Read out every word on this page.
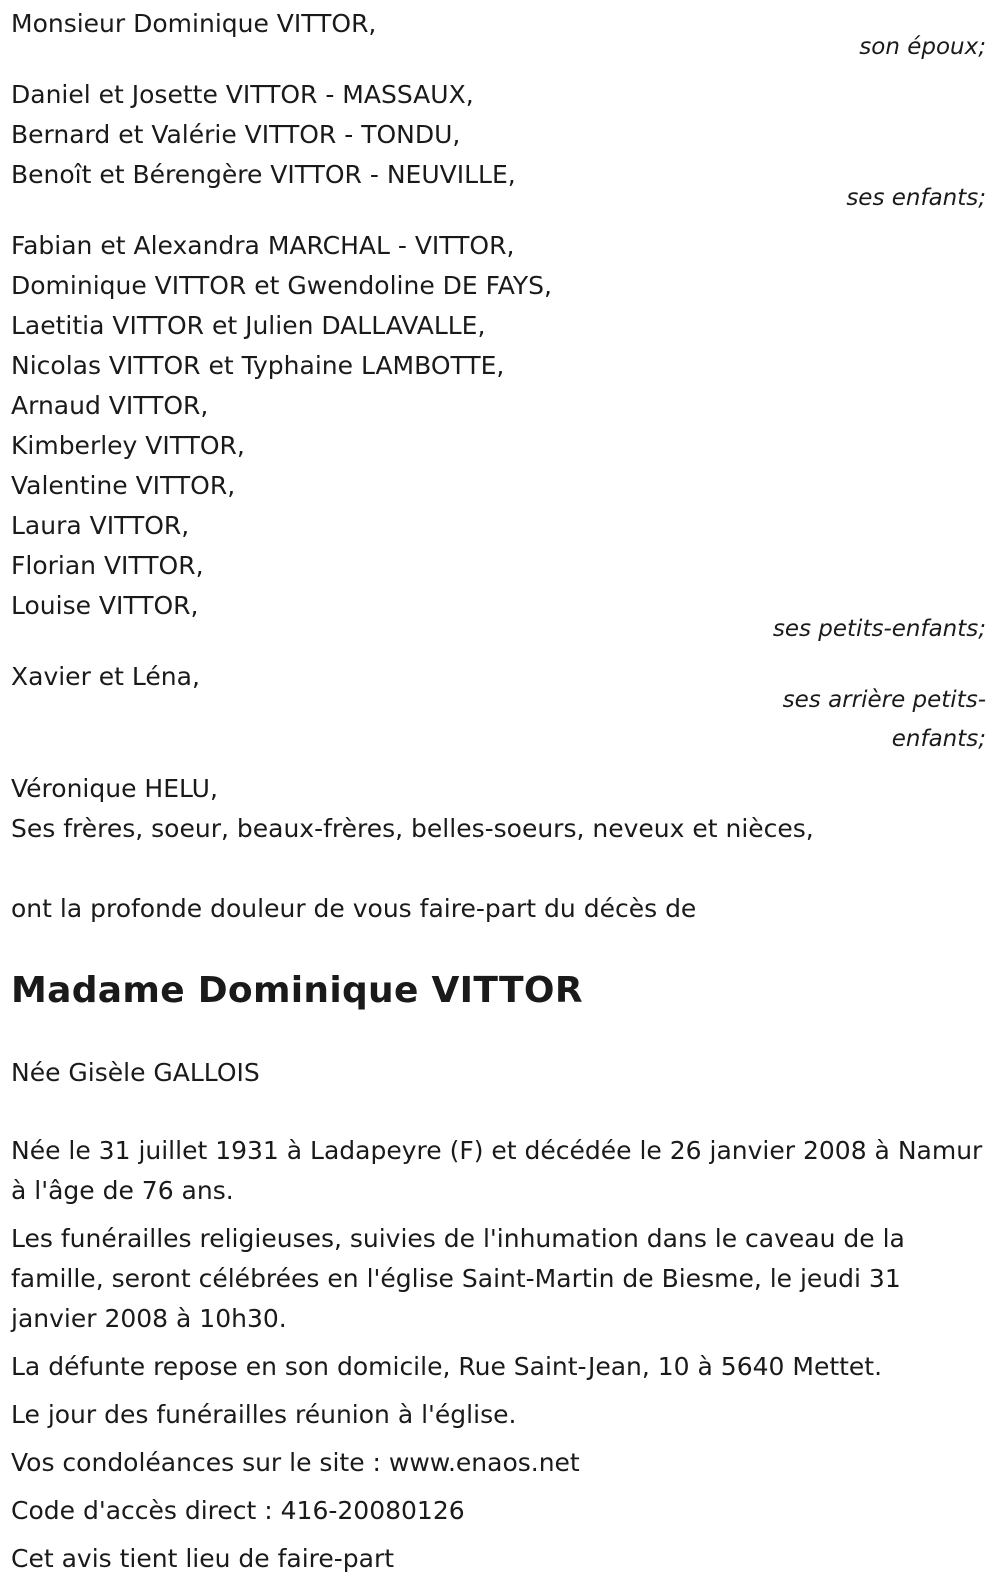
Monsieur Dominique VITTOR,

son époux;

Daniel et Josette VITTOR - MASSAUX,

Bernard et Valérie VITTOR - TONDU,

Benoît et Bérengère VITTOR - NEUVILLE,

ses enfants;

Fabian et Alexandra MARCHAL - VITTOR,

Dominique VITTOR et Gwendoline DE FAYS,

Laetitia VITTOR et Julien DALLAVALLE,

Nicolas VITTOR et Typhaine LAMBOTTE,

Arnaud VITTOR,

Kimberley VITTOR,

Valentine VITTOR,

Laura VITTOR,

Florian VITTOR,

Louise VITTOR,

ses petits-enfants;

Xavier et Léna,

ses arrière petits-enfants;

Véronique HELU,

Ses frères, soeur, beaux-frères, belles-soeurs, neveux et nièces,

ont la profonde douleur de vous faire-part du décès de

Madame Dominique VITTOR

Née Gisèle GALLOIS

Née le 31 juillet 1931 à Ladapeyre (F) et décédée le 26 janvier 2008 à Namur à l'âge de 76 ans.

Les funérailles religieuses, suivies de l'inhumation dans le caveau de la famille, seront célébrées en l'église Saint-Martin de Biesme, le jeudi 31 janvier 2008 à 10h30.

La défunte repose en son domicile, Rue Saint-Jean, 10 à 5640 Mettet.

Le jour des funérailles réunion à l'église.

Vos condoléances sur le site : www.enaos.net

Code d'accès direct : 416-20080126

Cet avis tient lieu de faire-part
